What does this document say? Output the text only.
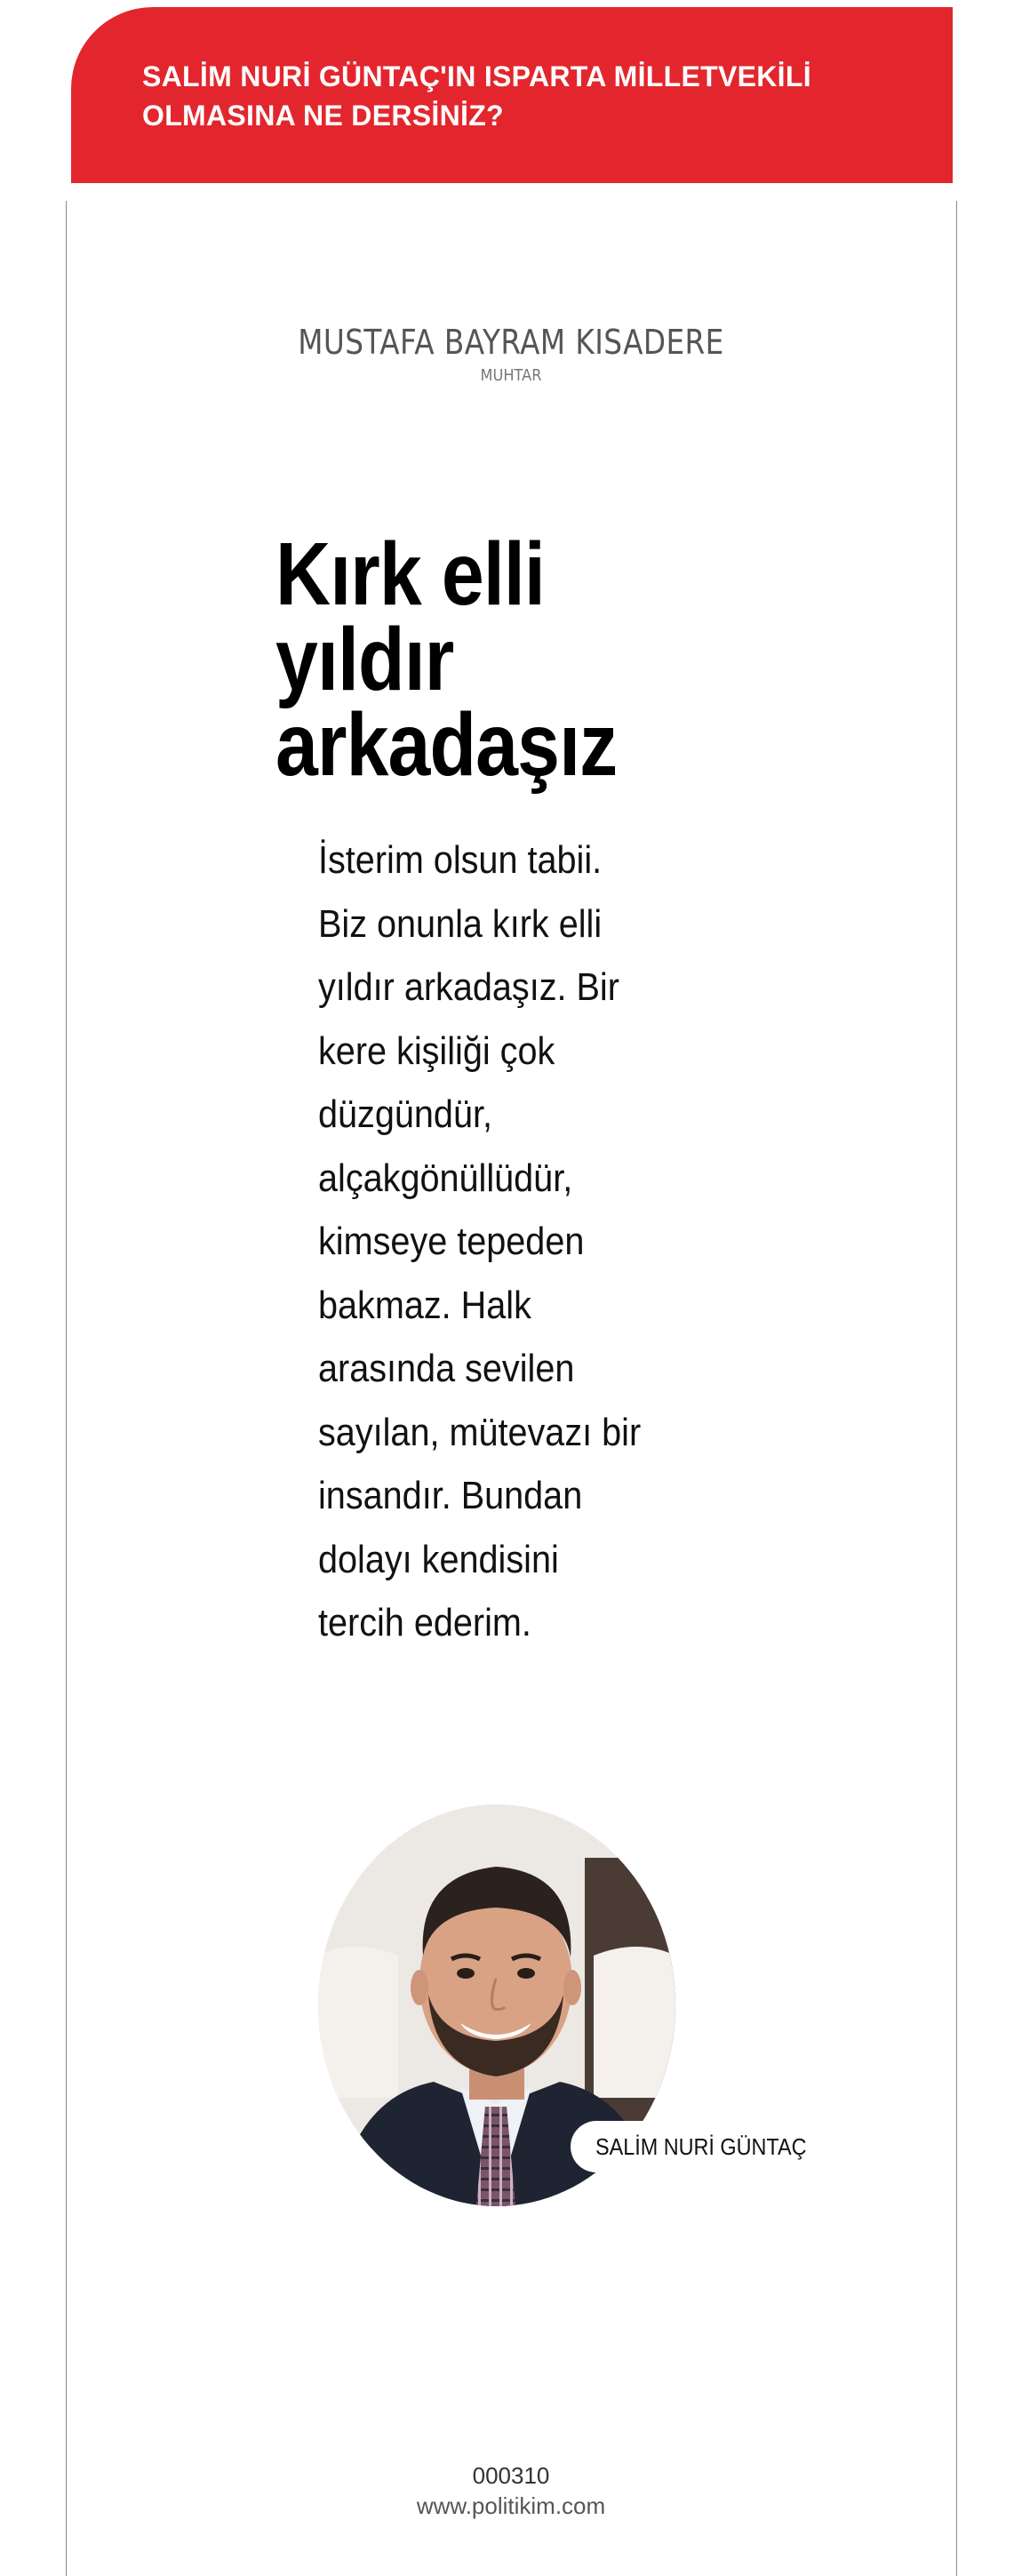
SALİM NURİ GÜNTAÇ'IN ISPARTA MİLLETVEKİLİ OLMASINA NE DERSİNİZ?
MUSTAFA BAYRAM KISADERE
MUHTAR
Kırk elli yıldır arkadaşız

İsterim olsun tabii. Biz onunla kırk elli yıldır arkadaşız. Bir kere kişiliği çok düzgündür, alçakgönüllüdür, kimseye tepeden bakmaz. Halk arasında sevilen sayılan, mütevazı bir insandır. Bundan dolayı kendisini tercih ederim.

SALİM NURİ GÜNTAÇ
000310
www.politikim.com
